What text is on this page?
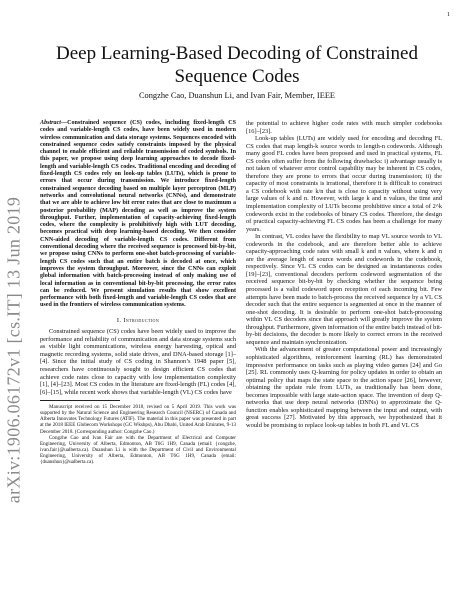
1
arXiv:1906.06172v1 [cs.IT] 13 Jun 2019
Deep Learning-Based Decoding of Constrained Sequence Codes
Congzhe Cao, Duanshun Li, and Ivan Fair, Member, IEEE
Abstract—Constrained sequence (CS) codes, including fixed-length CS codes and variable-length CS codes, have been widely used in modern wireless communication and data storage systems. Sequences encoded with constrained sequence codes satisfy constraints imposed by the physical channel to enable efficient and reliable transmission of coded symbols. In this paper, we propose using deep learning approaches to decode fixed-length and variable-length CS codes. Traditional encoding and decoding of fixed-length CS codes rely on look-up tables (LUTs), which is prone to errors that occur during transmission. We introduce fixed-length constrained sequence decoding based on multiple layer perceptron (MLP) networks and convolutional neural networks (CNNs), and demonstrate that we are able to achieve low bit error rates that are close to maximum a posterior probability (MAP) decoding as well as improve the system throughput. Further, implementation of capacity-achieving fixed-length codes, where the complexity is prohibitively high with LUT decoding, becomes practical with deep learning-based decoding. We then consider CNN-aided decoding of variable-length CS codes. Different from conventional decoding where the received sequence is processed bit-by-bit, we propose using CNNs to perform one-shot batch-processing of variable-length CS codes such that an entire batch is decoded at once, which improves the system throughput. Moreover, since the CNNs can exploit global information with batch-processing instead of only making use of local information as in conventional bit-by-bit processing, the error rates can be reduced. We present simulation results that show excellent performance with both fixed-length and variable-length CS codes that are used in the frontiers of wireless communication systems.
I. Introduction

Constrained sequence (CS) codes have been widely used to improve the performance and reliability of communication and data storage systems such as visible light communications, wireless energy harvesting, optical and magnetic recording systems, solid state drives, and DNA-based storage [1]–[4]. Since the initial study of CS coding in Shannon’s 1948 paper [5], researchers have continuously sought to design efficient CS codes that achieve code rates close to capacity with low implementation complexity [1], [4]–[23]. Most CS codes in the literature are fixed-length (FL) codes [4], [6]–[15], while recent work shows that variable-length (VL) CS codes have

Manuscript received on 15 December 2018, revised on 5 April 2019. This work was supported by the Natural Science and Engineering Research Council (NSERC) of Canada and Alberta Innovates Technology Futures (ATIF). The material in this paper was presented in part at the 2018 IEEE Globecom Workshops (GC Wkshps), Abu Dhabi, United Arab Emirates, 9-13 December 2018. (Corresponding author: Congzhe Cao.)
Congzhe Cao and Ivan Fair are with the Department of Electrical and Computer Engineering, University of Alberta, Edmonton, AB T6G 1H9, Canada (email: {congzhe, ivan.fair}@ualberta.ca). Duanshun Li is with the Department of Civil and Environmental Engineering, University of Alberta, Edmonton, AB T6G 1H9, Canada (email: {duanshun}@ualberta.ca).

the potential to achieve higher code rates with much simpler codebooks [16]–[23].

Look-up tables (LUTs) are widely used for encoding and decoding FL CS codes that map length-k source words to length-n codewords. Although many good FL codes have been proposed and used in practical systems, FL CS codes often suffer from the following drawbacks: i) advantage usually is not taken of whatever error control capability may be inherent in CS codes, therefore they are prone to errors that occur during transmission; ii) the capacity of most constraints is irrational, therefore it is difficult to construct a CS codebook with rate k/n that is close to capacity without using very large values of k and n. However, with large k and n values, the time and implementation complexity of LUTs become prohibitive since a total of 2^k codewords exist in the codebooks of binary CS codes. Therefore, the design of practical capacity-achieving FL CS codes has been a challenge for many years.

In contrast, VL codes have the flexibility to map VL source words to VL codewords in the codebook, and are therefore better able to achieve capacity-approaching code rates with small k and n values, where k and n are the average length of source words and codewords in the codebook, respectively. Since VL CS codes can be designed as instantaneous codes [19]–[23], conventional decoders perform codeword segmentation of the received sequence bit-by-bit by checking whether the sequence being processed is a valid codeword upon reception of each incoming bit. Few attempts have been made to batch-process the received sequence by a VL CS decoder such that the entire sequence is segmented at once in the manner of one-shot decoding. It is desirable to perform one-shot batch-processing within VL CS decoders since that approach will greatly improve the system throughput. Furthermore, given information of the entire batch instead of bit-by-bit decisions, the decoder is more likely to correct errors in the received sequence and maintain synchronization.

With the advancement of greater computational power and increasingly sophisticated algorithms, reinforcement learning (RL) has demonstrated impressive performance on tasks such as playing video games [24] and Go [25]. RL commonly uses Q-learning for policy updates in order to obtain an optimal policy that maps the state space to the action space [26], however, obtaining the update rule from LUTs, as traditionally has been done, becomes impossible with large state-action space. The invention of deep Q-networks that use deep neural networks (DNNs) to approximate the Q-function enables sophisticated mapping between the input and output, with great success [27]. Motivated by this approach, we hypothesized that it would be promising to replace look-up tables in both FL and VL CS
